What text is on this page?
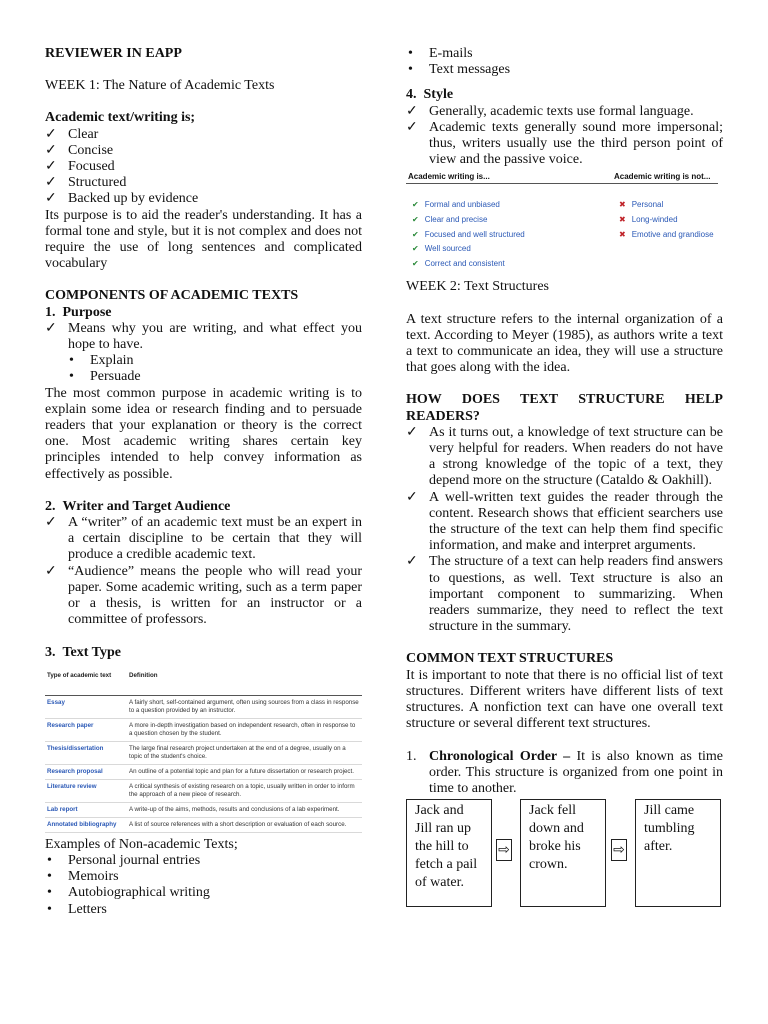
REVIEWER IN EAPP

WEEK 1: The Nature of Academic Texts

Academic text/writing is;

✓ Clear
✓ Concise
✓ Focused
✓ Structured
✓ Backed up by evidence

Its purpose is to aid the reader's understanding. It has a formal tone and style, but it is not complex and does not require the use of long sentences and complicated vocabulary

COMPONENTS OF ACADEMIC TEXTS

1.  Purpose

✓ Means why you are writing, and what effect you hope to have.
• Explain
• Persuade

The most common purpose in academic writing is to explain some idea or research finding and to persuade readers that your explanation or theory is the correct one. Most academic writing shares certain key principles intended to help convey information as effectively as possible.

2.  Writer and Target Audience

✓ A “writer” of an academic text must be an expert in a certain discipline to be certain that they will produce a credible academic text.
✓ “Audience” means the people who will read your paper. Some academic writing, such as a term paper or a thesis, is written for an instructor or a committee of professors.

3.  Text Type

Type of academic text	Definition
Essay	A fairly short, self-contained argument, often using sources from a class in response to a question provided by an instructor.
Research paper	A more in-depth investigation based on independent research, often in response to a question chosen by the student.
Thesis/dissertation	The large final research project undertaken at the end of a degree, usually on a topic of the student's choice.
Research proposal	An outline of a potential topic and plan for a future dissertation or research project.
Literature review	A critical synthesis of existing research on a topic, usually written in order to inform the approach of a new piece of research.
Lab report	A write-up of the aims, methods, results and conclusions of a lab experiment.
Annotated bibliography	A list of source references with a short description or evaluation of each source.

Examples of Non-academic Texts;

• Personal journal entries
• Memoirs
• Autobiographical writing
• Letters
• E-mails
• Text messages

4.  Style

✓ Generally, academic texts use formal language.
✓ Academic texts generally sound more impersonal; thus, writers usually use the third person point of view and the passive voice.
Academic writing is...	Academic writing is not...
✔ Formal and unbiased
✔ Clear and precise
✔ Focused and well structured
✔ Well sourced
✔ Correct and consistent
✖ Personal
✖ Long-winded
✖ Emotive and grandiose

WEEK 2: Text Structures

A text structure refers to the internal organization of a text. According to Meyer (1985), as authors write a text a text to communicate an idea, they will use a structure that goes along with the idea.

HOW DOES TEXT STRUCTURE HELP READERS?

✓ As it turns out, a knowledge of text structure can be very helpful for readers. When readers do not have a strong knowledge of the topic of a text, they depend more on the structure (Cataldo & Oakhill).
✓ A well-written text guides the reader through the content. Research shows that efficient searchers use the structure of the text can help them find specific information, and make and interpret arguments.
✓ The structure of a text can help readers find answers to questions, as well. Text structure is also an important component to summarizing. When readers summarize, they need to reflect the text structure in the summary.

COMMON TEXT STRUCTURES

It is important to note that there is no official list of text structures. Different writers have different lists of text structures. A nonfiction text can have one overall text structure or several different text structures.

1. Chronological Order – It is also known as time order. This structure is organized from one point in time to another.
Jack and Jill ran up the hill to fetch a pail of water.
⇨
Jack fell down and broke his crown.
⇨
Jill came tumbling after.
